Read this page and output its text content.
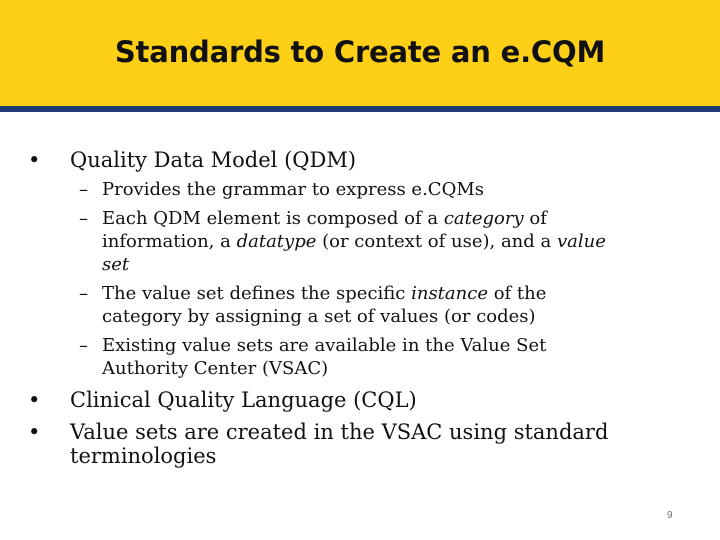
Standards to Create an e.CQM
• Quality Data Model (QDM)
– Provides the grammar to express e.CQMs
– Each QDM element is composed of a category of
information, a datatype (or context of use), and a value
set
– The value set defines the specific instance of the
category by assigning a set of values (or codes)
– Existing value sets are available in the Value Set
Authority Center (VSAC)
• Clinical Quality Language (CQL)
• Value sets are created in the VSAC using standard
terminologies
9
